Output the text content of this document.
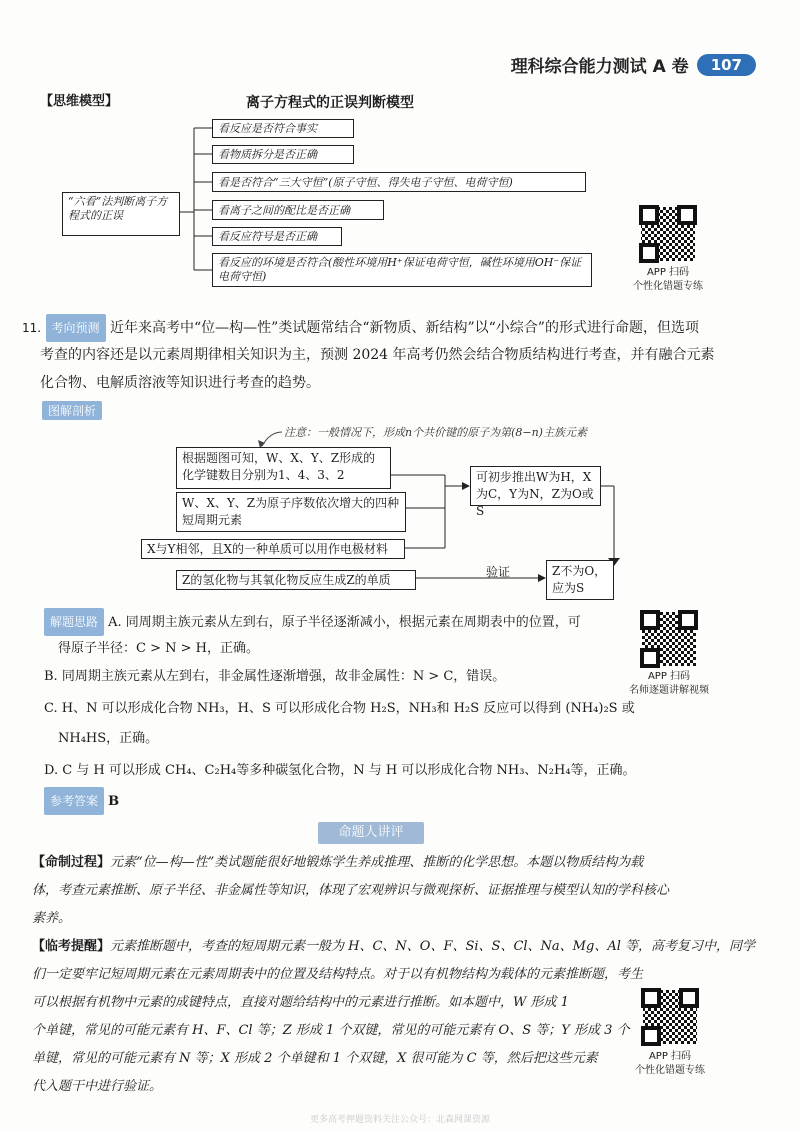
理科综合能力测试 A 卷	107
【思维模型】	离子方程式的正误判断模型
“六看”法判断离子方程式的正误
看反应是否符合事实
看物质拆分是否正确
看是否符合“三大守恒”(原子守恒、得失电子守恒、电荷守恒)
看离子之间的配比是否正确
看反应符号是否正确
看反应的环境是否符合(酸性环境用H⁺保证电荷守恒，碱性环境用OH⁻保证电荷守恒)	APP 扫码
个性化错题专练
11. 考向预测 近年来高考中“位—构—性”类试题常结合“新物质、新结构”以“小综合”的形式进行命题，但选项
考查的内容还是以元素周期律相关知识为主，预测 2024 年高考仍然会结合物质结构进行考查，并有融合元素
化合物、电解质溶液等知识进行考查的趋势。
图解剖析
注意：一般情况下，形成n个共价键的原子为第(8−n)主族元素
根据题图可知，W、X、Y、Z形成的化学键数目分别为1、4、3、2
W、X、Y、Z为原子序数依次增大的四种短周期元素
X与Y相邻，且X的一种单质可以用作电极材料
Z的氢化物与其氧化物反应生成Z的单质
可初步推出W为H，X为C，Y为N，Z为O或S
Z不为O，应为S
验证
解题思路 A. 同周期主族元素从左到右，原子半径逐渐减小，根据元素在周期表中的位置，可
得原子半径：C > N > H，正确。
B. 同周期主族元素从左到右，非金属性逐渐增强，故非金属性：N > C，错误。
C. H、N 可以形成化合物 NH₃，H、S 可以形成化合物 H₂S，NH₃和 H₂S 反应可以得到 (NH₄)₂S 或
NH₄HS，正确。
D. C 与 H 可以形成 CH₄、C₂H₄等多种碳氢化合物，N 与 H 可以形成化合物 NH₃、N₂H₄等，正确。
APP 扫码
名师逐题讲解视频
参考答案 B
命题人讲评
【命制过程】元素“位—构—性”类试题能很好地锻炼学生养成推理、推断的化学思想。本题以物质结构为载
体，考查元素推断、原子半径、非金属性等知识，体现了宏观辨识与微观探析、证据推理与模型认知的学科核心
素养。
【临考提醒】元素推断题中，考查的短周期元素一般为 H、C、N、O、F、Si、S、Cl、Na、Mg、Al 等，高考复习中，同学
们一定要牢记短周期元素在元素周期表中的位置及结构特点。对于以有机物结构为载体的元素推断题，考生
可以根据有机物中元素的成键特点，直接对题给结构中的元素进行推断。如本题中，W 形成 1
个单键，常见的可能元素有 H、F、Cl 等；Z 形成 1 个双键，常见的可能元素有 O、S 等；Y 形成 3 个
单键，常见的可能元素有 N 等；X 形成 2 个单键和 1 个双键，X 很可能为 C 等，然后把这些元素
代入题干中进行验证。
APP 扫码
个性化错题专练
更多高考押题资料关注公众号：北森网课资源
